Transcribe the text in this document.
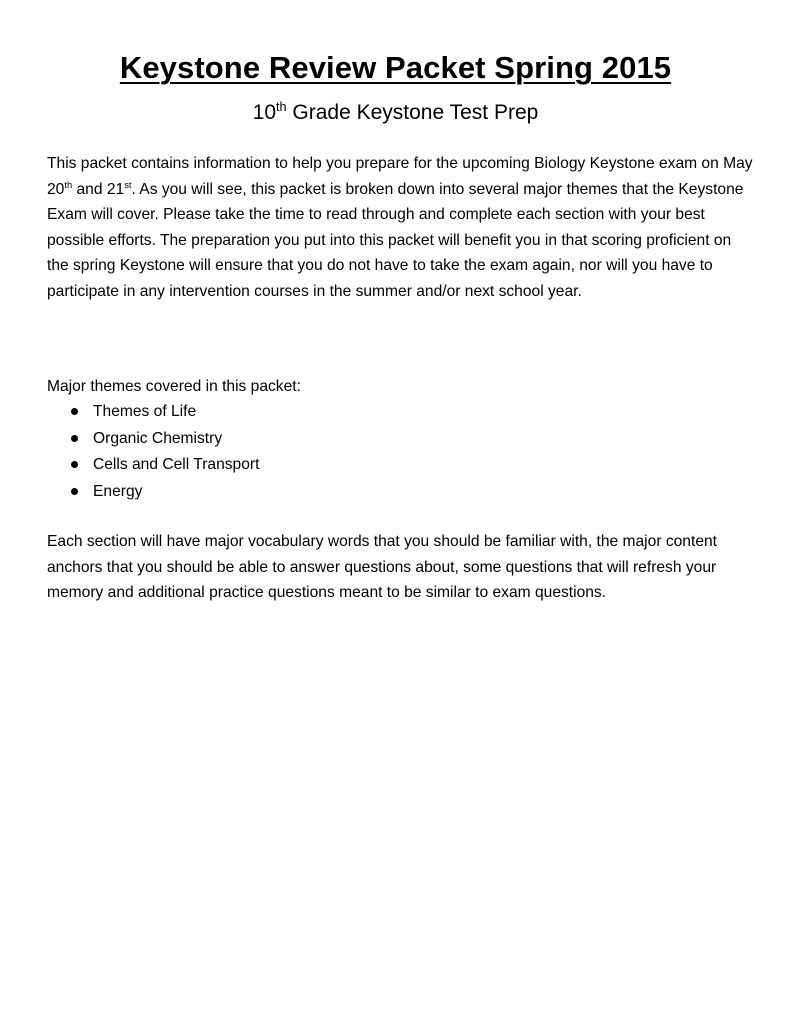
Keystone Review Packet Spring 2015
10th Grade Keystone Test Prep
This packet contains information to help you prepare for the upcoming Biology Keystone exam on May 20th and 21st. As you will see, this packet is broken down into several major themes that the Keystone Exam will cover. Please take the time to read through and complete each section with your best possible efforts. The preparation you put into this packet will benefit you in that scoring proficient on the spring Keystone will ensure that you do not have to take the exam again, nor will you have to participate in any intervention courses in the summer and/or next school year.
Major themes covered in this packet:
Themes of Life
Organic Chemistry
Cells and Cell Transport
Energy
Each section will have major vocabulary words that you should be familiar with, the major content anchors that you should be able to answer questions about, some questions that will refresh your memory and additional practice questions meant to be similar to exam questions.
